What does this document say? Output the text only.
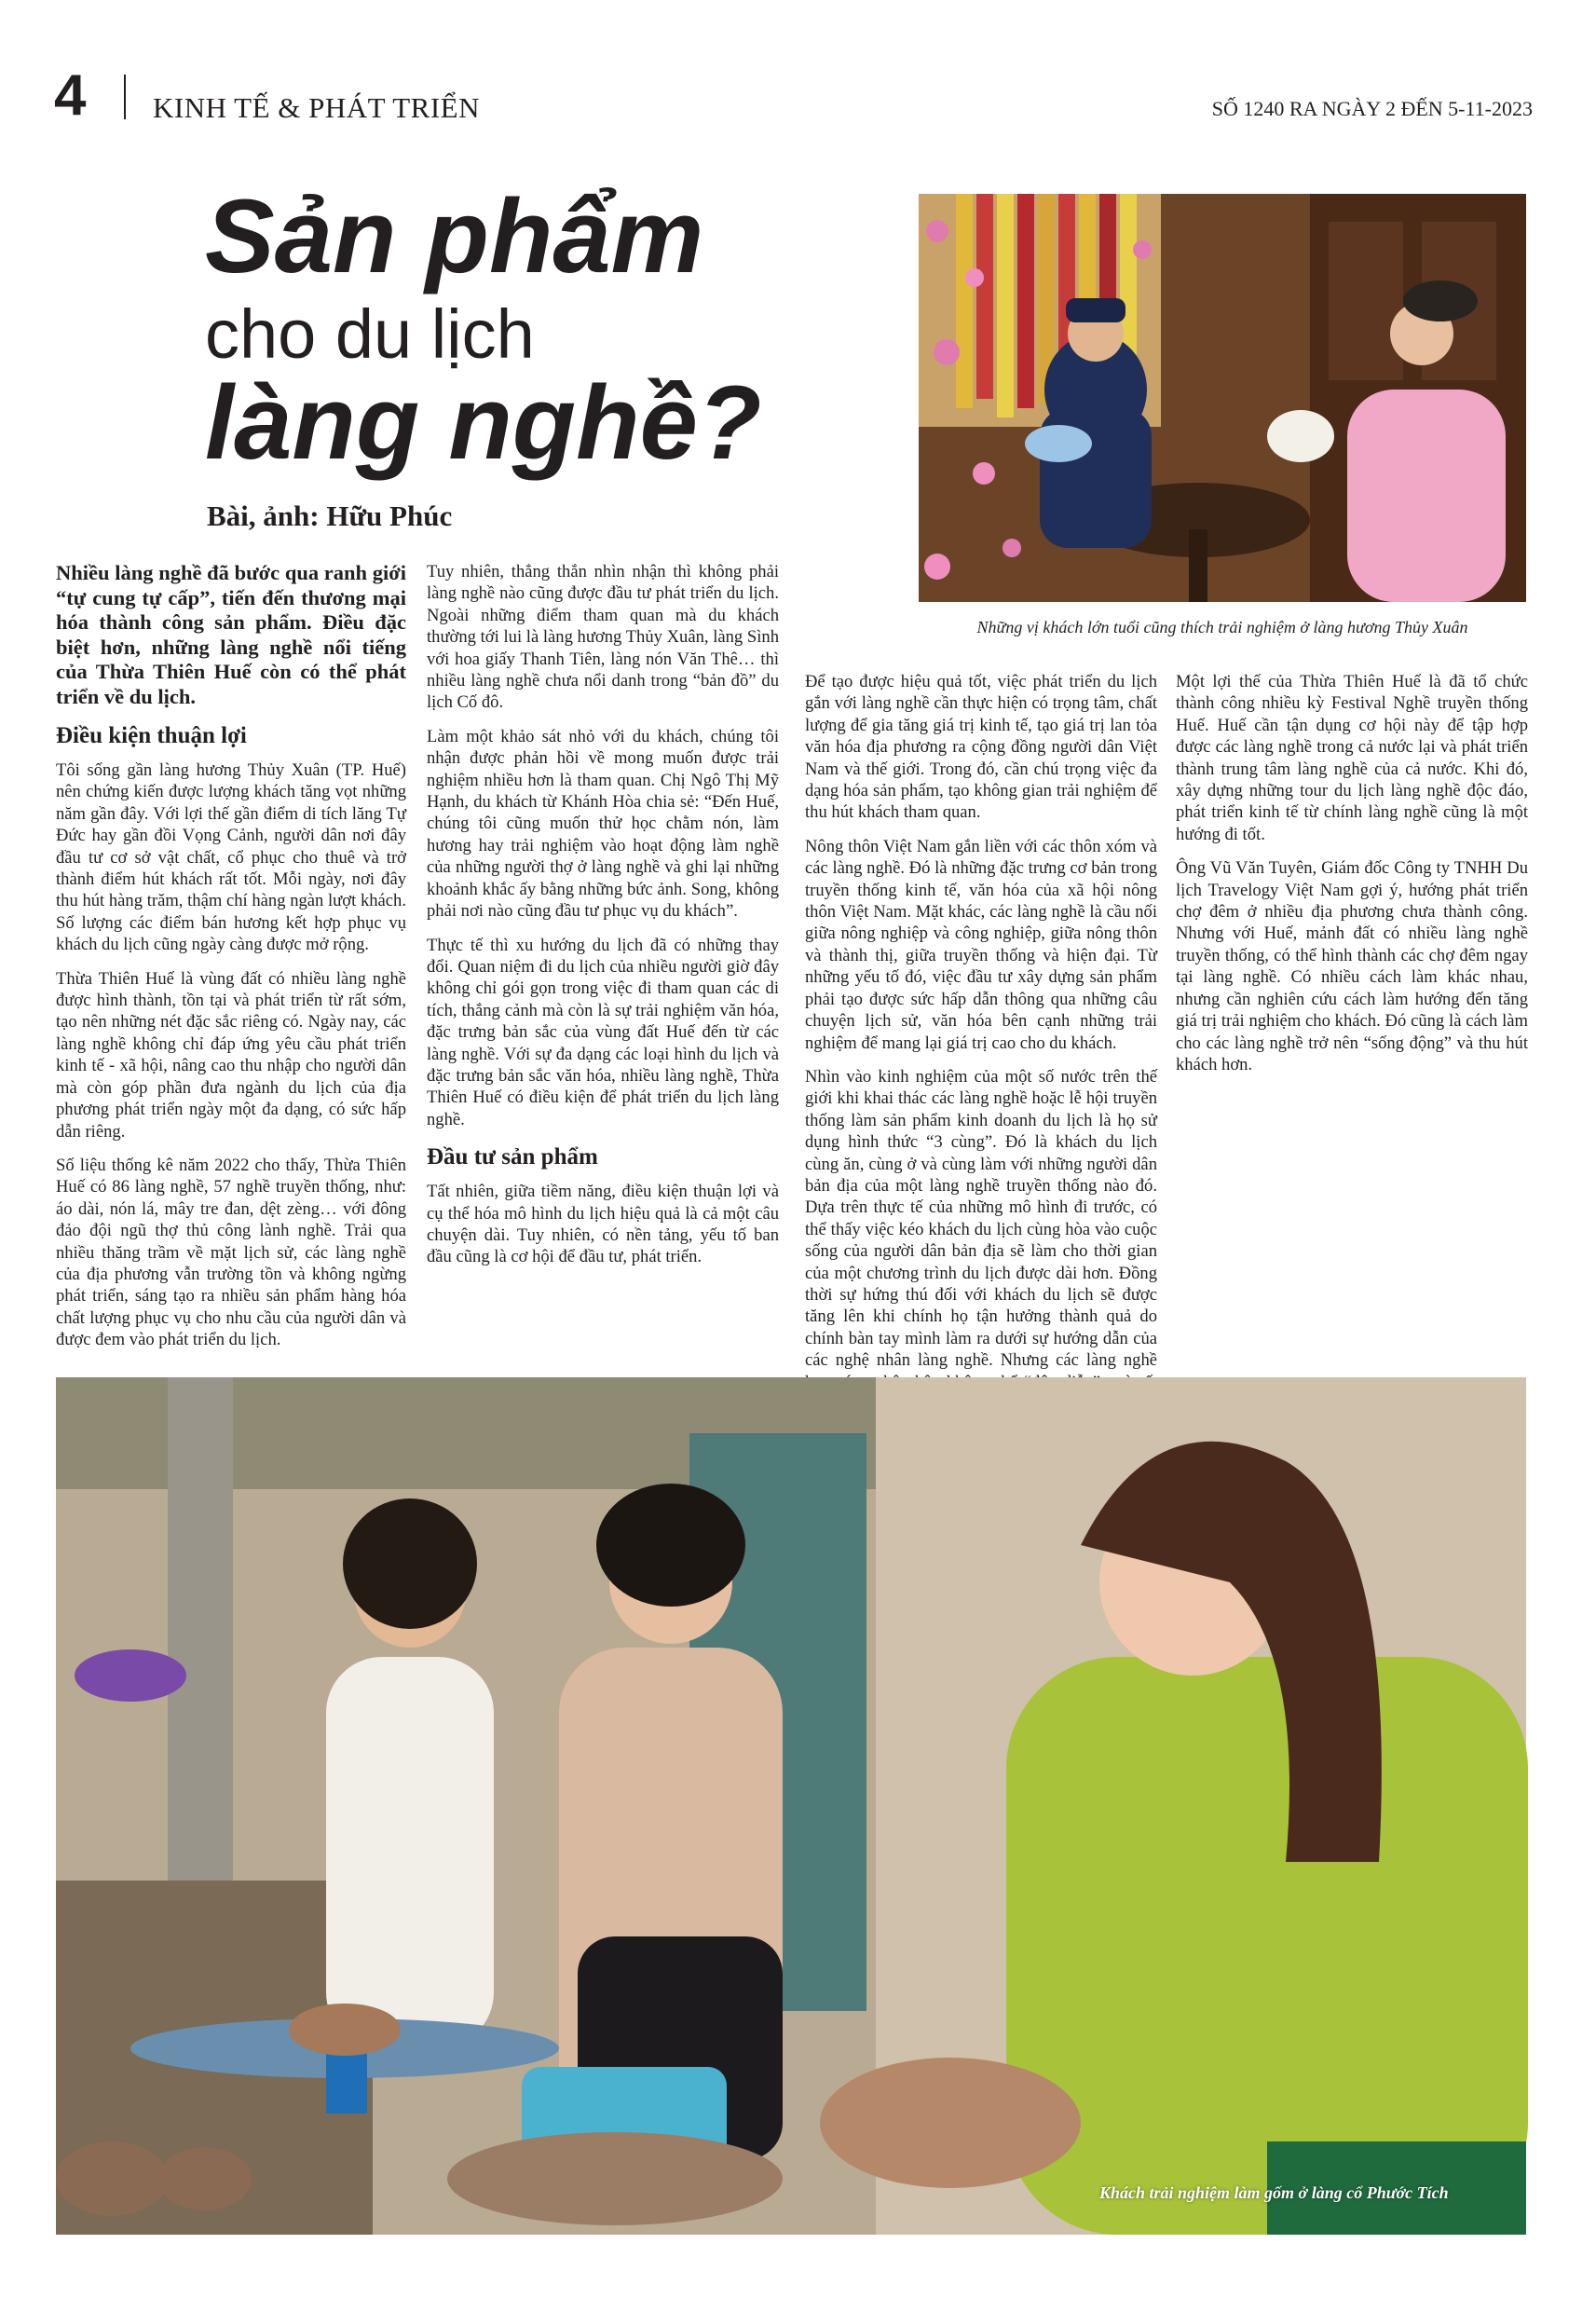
4 KINH TẾ & PHÁT TRIỂN	SỐ 1240 RA NGÀY 2 ĐẾN 5-11-2023
Sản phẩm
cho du lịch
làng nghề?
Bài, ảnh: Hữu Phúc
Những vị khách lớn tuổi cũng thích trải nghiệm ở làng hương Thủy Xuân

Nhiều làng nghề đã bước qua ranh giới “tự cung tự cấp”, tiến đến thương mại hóa thành công sản phẩm. Điều đặc biệt hơn, những làng nghề nổi tiếng của Thừa Thiên Huế còn có thể phát triển về du lịch.

Điều kiện thuận lợi

Tôi sống gần làng hương Thủy Xuân (TP. Huế) nên chứng kiến được lượng khách tăng vọt những năm gần đây. Với lợi thế gần điểm di tích lăng Tự Đức hay gần đồi Vọng Cảnh, người dân nơi đây đầu tư cơ sở vật chất, cổ phục cho thuê và trở thành điểm hút khách rất tốt. Mỗi ngày, nơi đây thu hút hàng trăm, thậm chí hàng ngàn lượt khách. Số lượng các điểm bán hương kết hợp phục vụ khách du lịch cũng ngày càng được mở rộng.

Thừa Thiên Huế là vùng đất có nhiều làng nghề được hình thành, tồn tại và phát triển từ rất sớm, tạo nên những nét đặc sắc riêng có. Ngày nay, các làng nghề không chỉ đáp ứng yêu cầu phát triển kinh tế - xã hội, nâng cao thu nhập cho người dân mà còn góp phần đưa ngành du lịch của địa phương phát triển ngày một đa dạng, có sức hấp dẫn riêng.

Số liệu thống kê năm 2022 cho thấy, Thừa Thiên Huế có 86 làng nghề, 57 nghề truyền thống, như: áo dài, nón lá, mây tre đan, dệt zèng… với đông đảo đội ngũ thợ thủ công lành nghề. Trải qua nhiều thăng trầm về mặt lịch sử, các làng nghề của địa phương vẫn trường tồn và không ngừng phát triển, sáng tạo ra nhiều sản phẩm hàng hóa chất lượng phục vụ cho nhu cầu của người dân và được đem vào phát triển du lịch.

Tuy nhiên, thẳng thắn nhìn nhận thì không phải làng nghề nào cũng được đầu tư phát triển du lịch. Ngoài những điểm tham quan mà du khách thường tới lui là làng hương Thủy Xuân, làng Sình với hoa giấy Thanh Tiên, làng nón Văn Thê… thì nhiều làng nghề chưa nổi danh trong “bản đồ” du lịch Cố đô.

Làm một khảo sát nhỏ với du khách, chúng tôi nhận được phản hồi về mong muốn được trải nghiệm nhiều hơn là tham quan. Chị Ngô Thị Mỹ Hạnh, du khách từ Khánh Hòa chia sẻ: “Đến Huế, chúng tôi cũng muốn thử học chằm nón, làm hương hay trải nghiệm vào hoạt động làm nghề của những người thợ ở làng nghề và ghi lại những khoảnh khắc ấy bằng những bức ảnh. Song, không phải nơi nào cũng đầu tư phục vụ du khách”.

Thực tế thì xu hướng du lịch đã có những thay đổi. Quan niệm đi du lịch của nhiều người giờ đây không chỉ gói gọn trong việc đi tham quan các di tích, thắng cảnh mà còn là sự trải nghiệm văn hóa, đặc trưng bản sắc của vùng đất Huế đến từ các làng nghề. Với sự đa dạng các loại hình du lịch và đặc trưng bản sắc văn hóa, nhiều làng nghề, Thừa Thiên Huế có điều kiện để phát triển du lịch làng nghề.

Đầu tư sản phẩm

Tất nhiên, giữa tiềm năng, điều kiện thuận lợi và cụ thể hóa mô hình du lịch hiệu quả là cả một câu chuyện dài. Tuy nhiên, có nền tảng, yếu tố ban đầu cũng là cơ hội để đầu tư, phát triển.

Để tạo được hiệu quả tốt, việc phát triển du lịch gắn với làng nghề cần thực hiện có trọng tâm, chất lượng để gia tăng giá trị kinh tế, tạo giá trị lan tỏa văn hóa địa phương ra cộng đồng người dân Việt Nam và thế giới. Trong đó, cần chú trọng việc đa dạng hóa sản phẩm, tạo không gian trải nghiệm để thu hút khách tham quan.

Nông thôn Việt Nam gắn liền với các thôn xóm và các làng nghề. Đó là những đặc trưng cơ bản trong truyền thống kinh tế, văn hóa của xã hội nông thôn Việt Nam. Mặt khác, các làng nghề là cầu nối giữa nông nghiệp và công nghiệp, giữa nông thôn và thành thị, giữa truyền thống và hiện đại. Từ những yếu tố đó, việc đầu tư xây dựng sản phẩm phải tạo được sức hấp dẫn thông qua những câu chuyện lịch sử, văn hóa bên cạnh những trải nghiệm để mang lại giá trị cao cho du khách.

Nhìn vào kinh nghiệm của một số nước trên thế giới khi khai thác các làng nghề hoặc lễ hội truyền thống làm sản phẩm kinh doanh du lịch là họ sử dụng hình thức “3 cùng”. Đó là khách du lịch cùng ăn, cùng ở và cùng làm với những người dân bản địa của một làng nghề truyền thống nào đó. Dựa trên thực tế của những mô hình đi trước, có thể thấy việc kéo khách du lịch cùng hòa vào cuộc sống của người dân bản địa sẽ làm cho thời gian của một chương trình du lịch được dài hơn. Đồng thời sự hứng thú đối với khách du lịch sẽ được tăng lên khi chính họ tận hưởng thành quả do chính bàn tay mình làm ra dưới sự hướng dẫn của các nghệ nhân làng nghề. Nhưng các làng nghề

Một lợi thế của Thừa Thiên Huế là đã tổ chức thành công nhiều kỳ Festival Nghề truyền thống Huế. Huế cần tận dụng cơ hội này để tập hợp được các làng nghề trong cả nước lại và phát triển thành trung tâm làng nghề của cả nước. Khi đó, xây dựng những tour du lịch làng nghề độc đáo, phát triển kinh tế từ chính làng nghề cũng là một hướng đi tốt.

Ông Vũ Văn Tuyên, Giám đốc Công ty TNHH Du lịch Travelogy Việt Nam gợi ý, hướng phát triển chợ đêm ở nhiều địa phương chưa thành công. Nhưng với Huế, mảnh đất có nhiều làng nghề truyền thống, có thể hình thành các chợ đêm ngay tại làng nghề. Có nhiều cách làm khác nhau, nhưng cần nghiên cứu cách làm hướng đến tăng giá trị trải nghiệm cho khách. Đó cũng là cách làm cho các làng nghề trở nên “sống động” và thu hút khách hơn.

Khách trải nghiệm làm gốm ở làng cổ Phước Tích
